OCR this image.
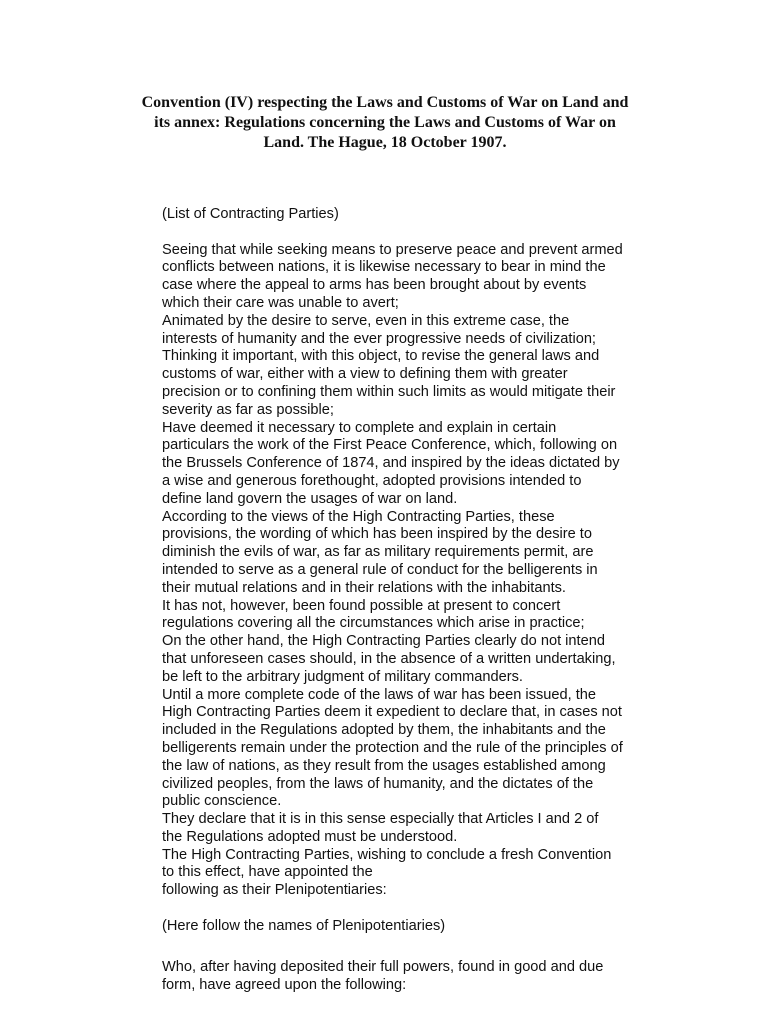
Convention (IV) respecting the Laws and Customs of War on Land and
its annex: Regulations concerning the Laws and Customs of War on
Land. The Hague, 18 October 1907.
(List of Contracting Parties)
Seeing that while seeking means to preserve peace and prevent armed
conflicts between nations, it is likewise necessary to bear in mind the
case where the appeal to arms has been brought about by events
which their care was unable to avert;
Animated by the desire to serve, even in this extreme case, the
interests of humanity and the ever progressive needs of civilization;
Thinking it important, with this object, to revise the general laws and
customs of war, either with a view to defining them with greater
precision or to confining them within such limits as would mitigate their
severity as far as possible;
Have deemed it necessary to complete and explain in certain
particulars the work of the First Peace Conference, which, following on
the Brussels Conference of 1874, and inspired by the ideas dictated by
a wise and generous forethought, adopted provisions intended to
define land govern the usages of war on land.
According to the views of the High Contracting Parties, these
provisions, the wording of which has been inspired by the desire to
diminish the evils of war, as far as military requirements permit, are
intended to serve as a general rule of conduct for the belligerents in
their mutual relations and in their relations with the inhabitants.
It has not, however, been found possible at present to concert
regulations covering all the circumstances which arise in practice;
On the other hand, the High Contracting Parties clearly do not intend
that unforeseen cases should, in the absence of a written undertaking,
be left to the arbitrary judgment of military commanders.
Until a more complete code of the laws of war has been issued, the
High Contracting Parties deem it expedient to declare that, in cases not
included in the Regulations adopted by them, the inhabitants and the
belligerents remain under the protection and the rule of the principles of
the law of nations, as they result from the usages established among
civilized peoples, from the laws of humanity, and the dictates of the
public conscience.
They declare that it is in this sense especially that Articles I and 2 of
the Regulations adopted must be understood.
The High Contracting Parties, wishing to conclude a fresh Convention
to this effect, have appointed the
following as their Plenipotentiaries:
(Here follow the names of Plenipotentiaries)
Who, after having deposited their full powers, found in good and due
form, have agreed upon the following:
